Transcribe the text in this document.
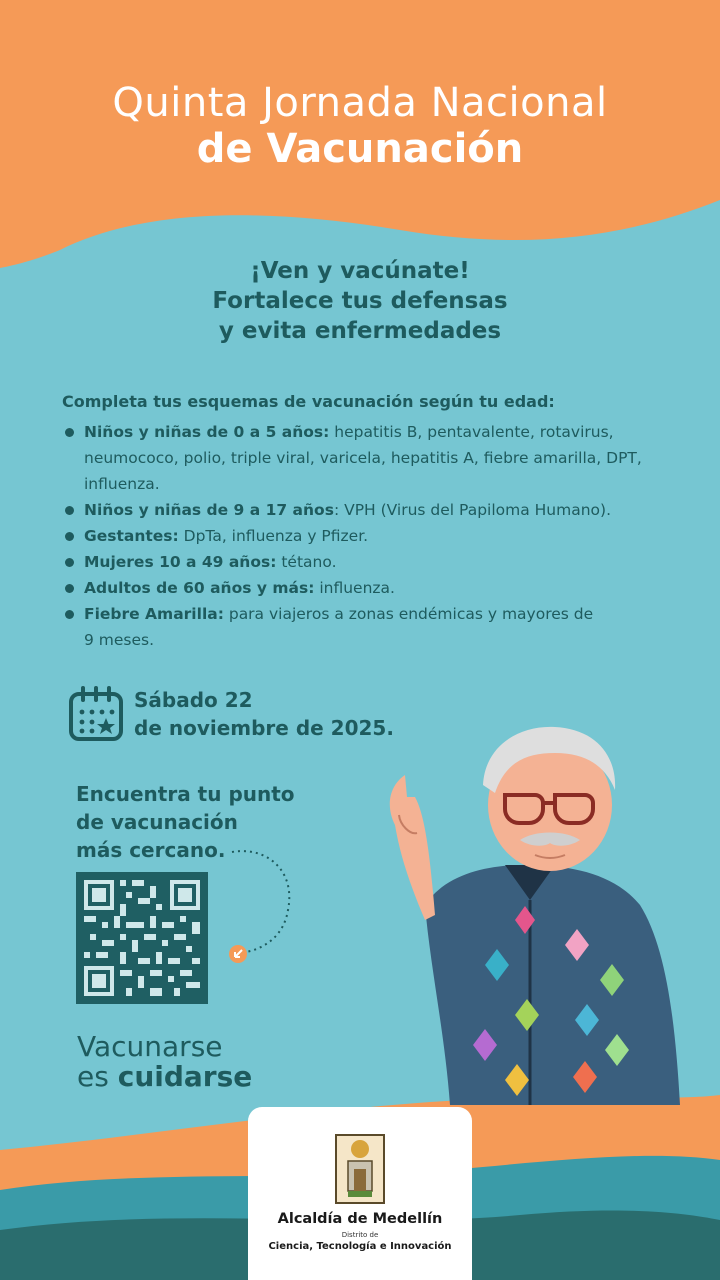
Quinta Jornada Nacional
de Vacunación
¡Ven y vacúnate!
Fortalece tus defensas
y evita enfermedades
Completa tus esquemas de vacunación según tu edad:
Niños y niñas de 0 a 5 años: hepatitis B, pentavalente, rotavirus, neumococo, polio, triple viral, varicela, hepatitis A, fiebre amarilla, DPT, influenza.
Niños y niñas de 9 a 17 años: VPH (Virus del Papiloma Humano).
Gestantes: DpTa, influenza y Pfizer.
Mujeres 10 a 49 años: tétano.
Adultos de 60 años y más: influenza.
Fiebre Amarilla: para viajeros a zonas endémicas y mayores de 9 meses.
Sábado 22
de noviembre de 2025.
Encuentra tu punto
de vacunación
más cercano.
Vacunarse
es cuidarse
Alcaldía de Medellín
Distrito de
Ciencia, Tecnología e Innovación
